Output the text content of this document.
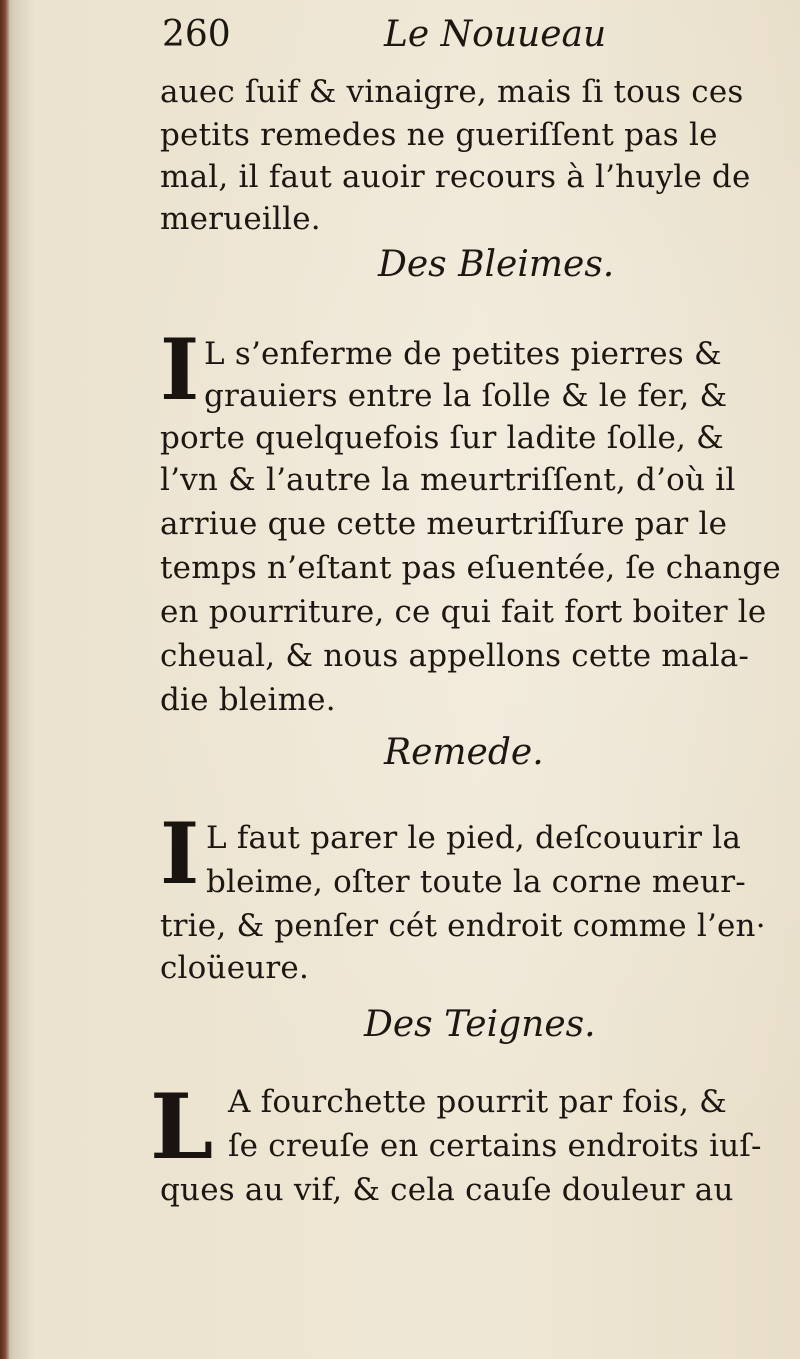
260	Le Nouueau
auec ſuif & vinaigre, mais ſi tous ces
petits remedes ne gueriſſent pas le
mal, il faut auoir recours à l’huyle de
merueille.
Des Bleimes.
I L s’enferme de petites pierres &
grauiers entre la ſolle & le fer, &
porte quelquefois ſur ladite ſolle, &
l’vn & l’autre la meurtriſſent, d’où il
arriue que cette meurtriſſure par le
temps n’eſtant pas eſuentée, ſe change
en pourriture, ce qui fait fort boiter le
cheual, & nous appellons cette mala-
die bleime.
Remede.
I L faut parer le pied, deſcouurir la
bleime, oſter toute la corne meur-
trie, & penſer cét endroit comme l’en·
cloüeure.
Des Teignes.
L A fourchette pourrit par fois, &
ſe creuſe en certains endroits iuſ-
ques au vif, & cela cauſe douleur au
